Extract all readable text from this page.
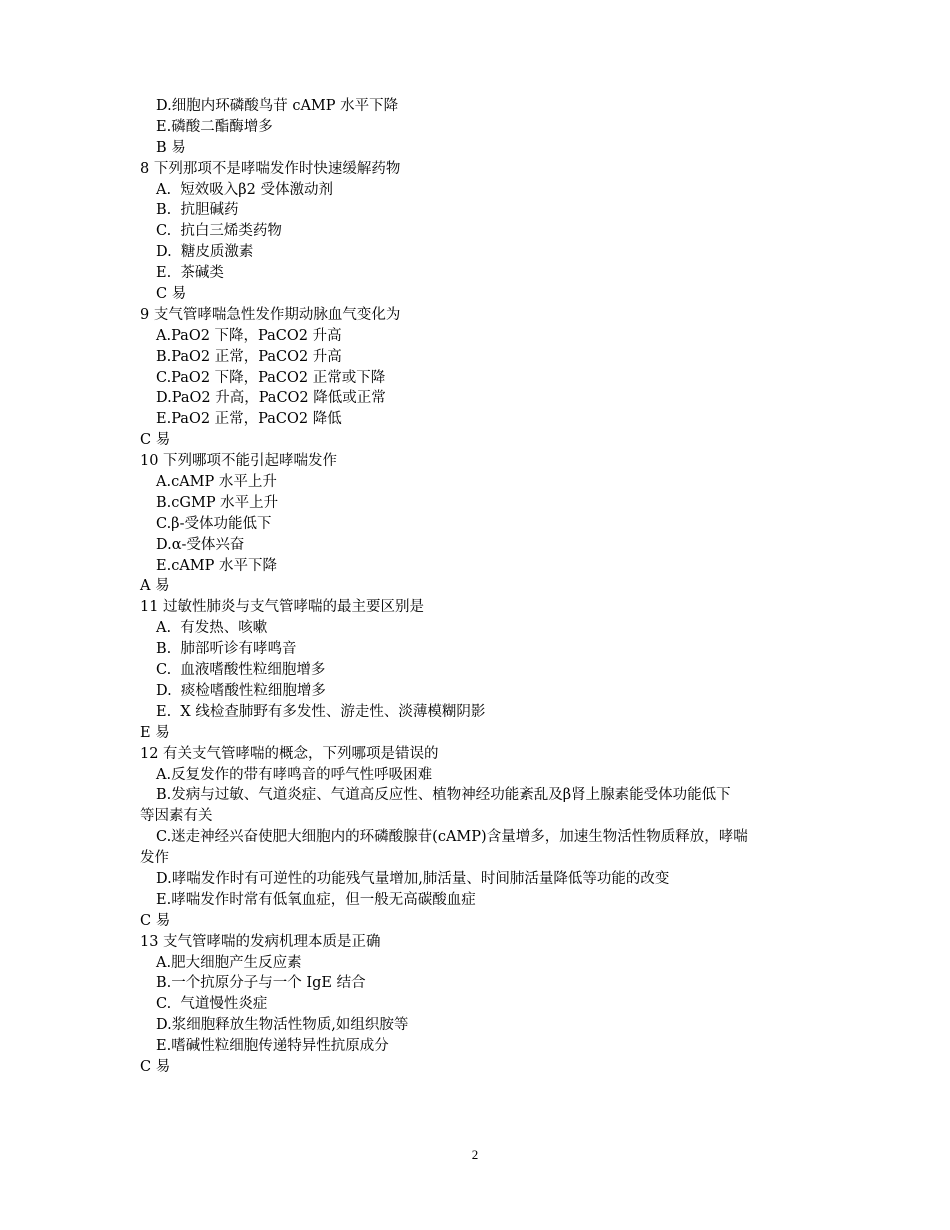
D.细胞内环磷酸鸟苷 cAMP 水平下降
E.磷酸二酯酶增多
B 易
8 下列那项不是哮喘发作时快速缓解药物
A.  短效吸入β2 受体激动剂
B.  抗胆碱药
C.  抗白三烯类药物
D.  糖皮质激素
E.  茶碱类
C 易
9 支气管哮喘急性发作期动脉血气变化为
A.PaO2 下降，PaCO2 升高
B.PaO2 正常，PaCO2 升高
C.PaO2 下降，PaCO2 正常或下降
D.PaO2 升高，PaCO2 降低或正常
E.PaO2 正常，PaCO2 降低
C 易
10 下列哪项不能引起哮喘发作
A.cAMP 水平上升
B.cGMP 水平上升
C.β-受体功能低下
D.α-受体兴奋
E.cAMP 水平下降
A 易
11 过敏性肺炎与支气管哮喘的最主要区别是
A.  有发热、咳嗽
B.  肺部听诊有哮鸣音
C.  血液嗜酸性粒细胞增多
D.  痰检嗜酸性粒细胞增多
E.  X 线检查肺野有多发性、游走性、淡薄模糊阴影
E 易
12 有关支气管哮喘的概念，下列哪项是错误的
A.反复发作的带有哮鸣音的呼气性呼吸困难
B.发病与过敏、气道炎症、气道高反应性、植物神经功能紊乱及β肾上腺素能受体功能低下
等因素有关
C.迷走神经兴奋使肥大细胞内的环磷酸腺苷(cAMP)含量增多，加速生物活性物质释放，哮喘
发作
D.哮喘发作时有可逆性的功能残气量增加,肺活量、时间肺活量降低等功能的改变
E.哮喘发作时常有低氧血症，但一般无高碳酸血症
C 易
13 支气管哮喘的发病机理本质是正确
A.肥大细胞产生反应素
B.一个抗原分子与一个 IgE 结合
C.  气道慢性炎症
D.浆细胞释放生物活性物质,如组织胺等
E.嗜碱性粒细胞传递特异性抗原成分
C 易
2
